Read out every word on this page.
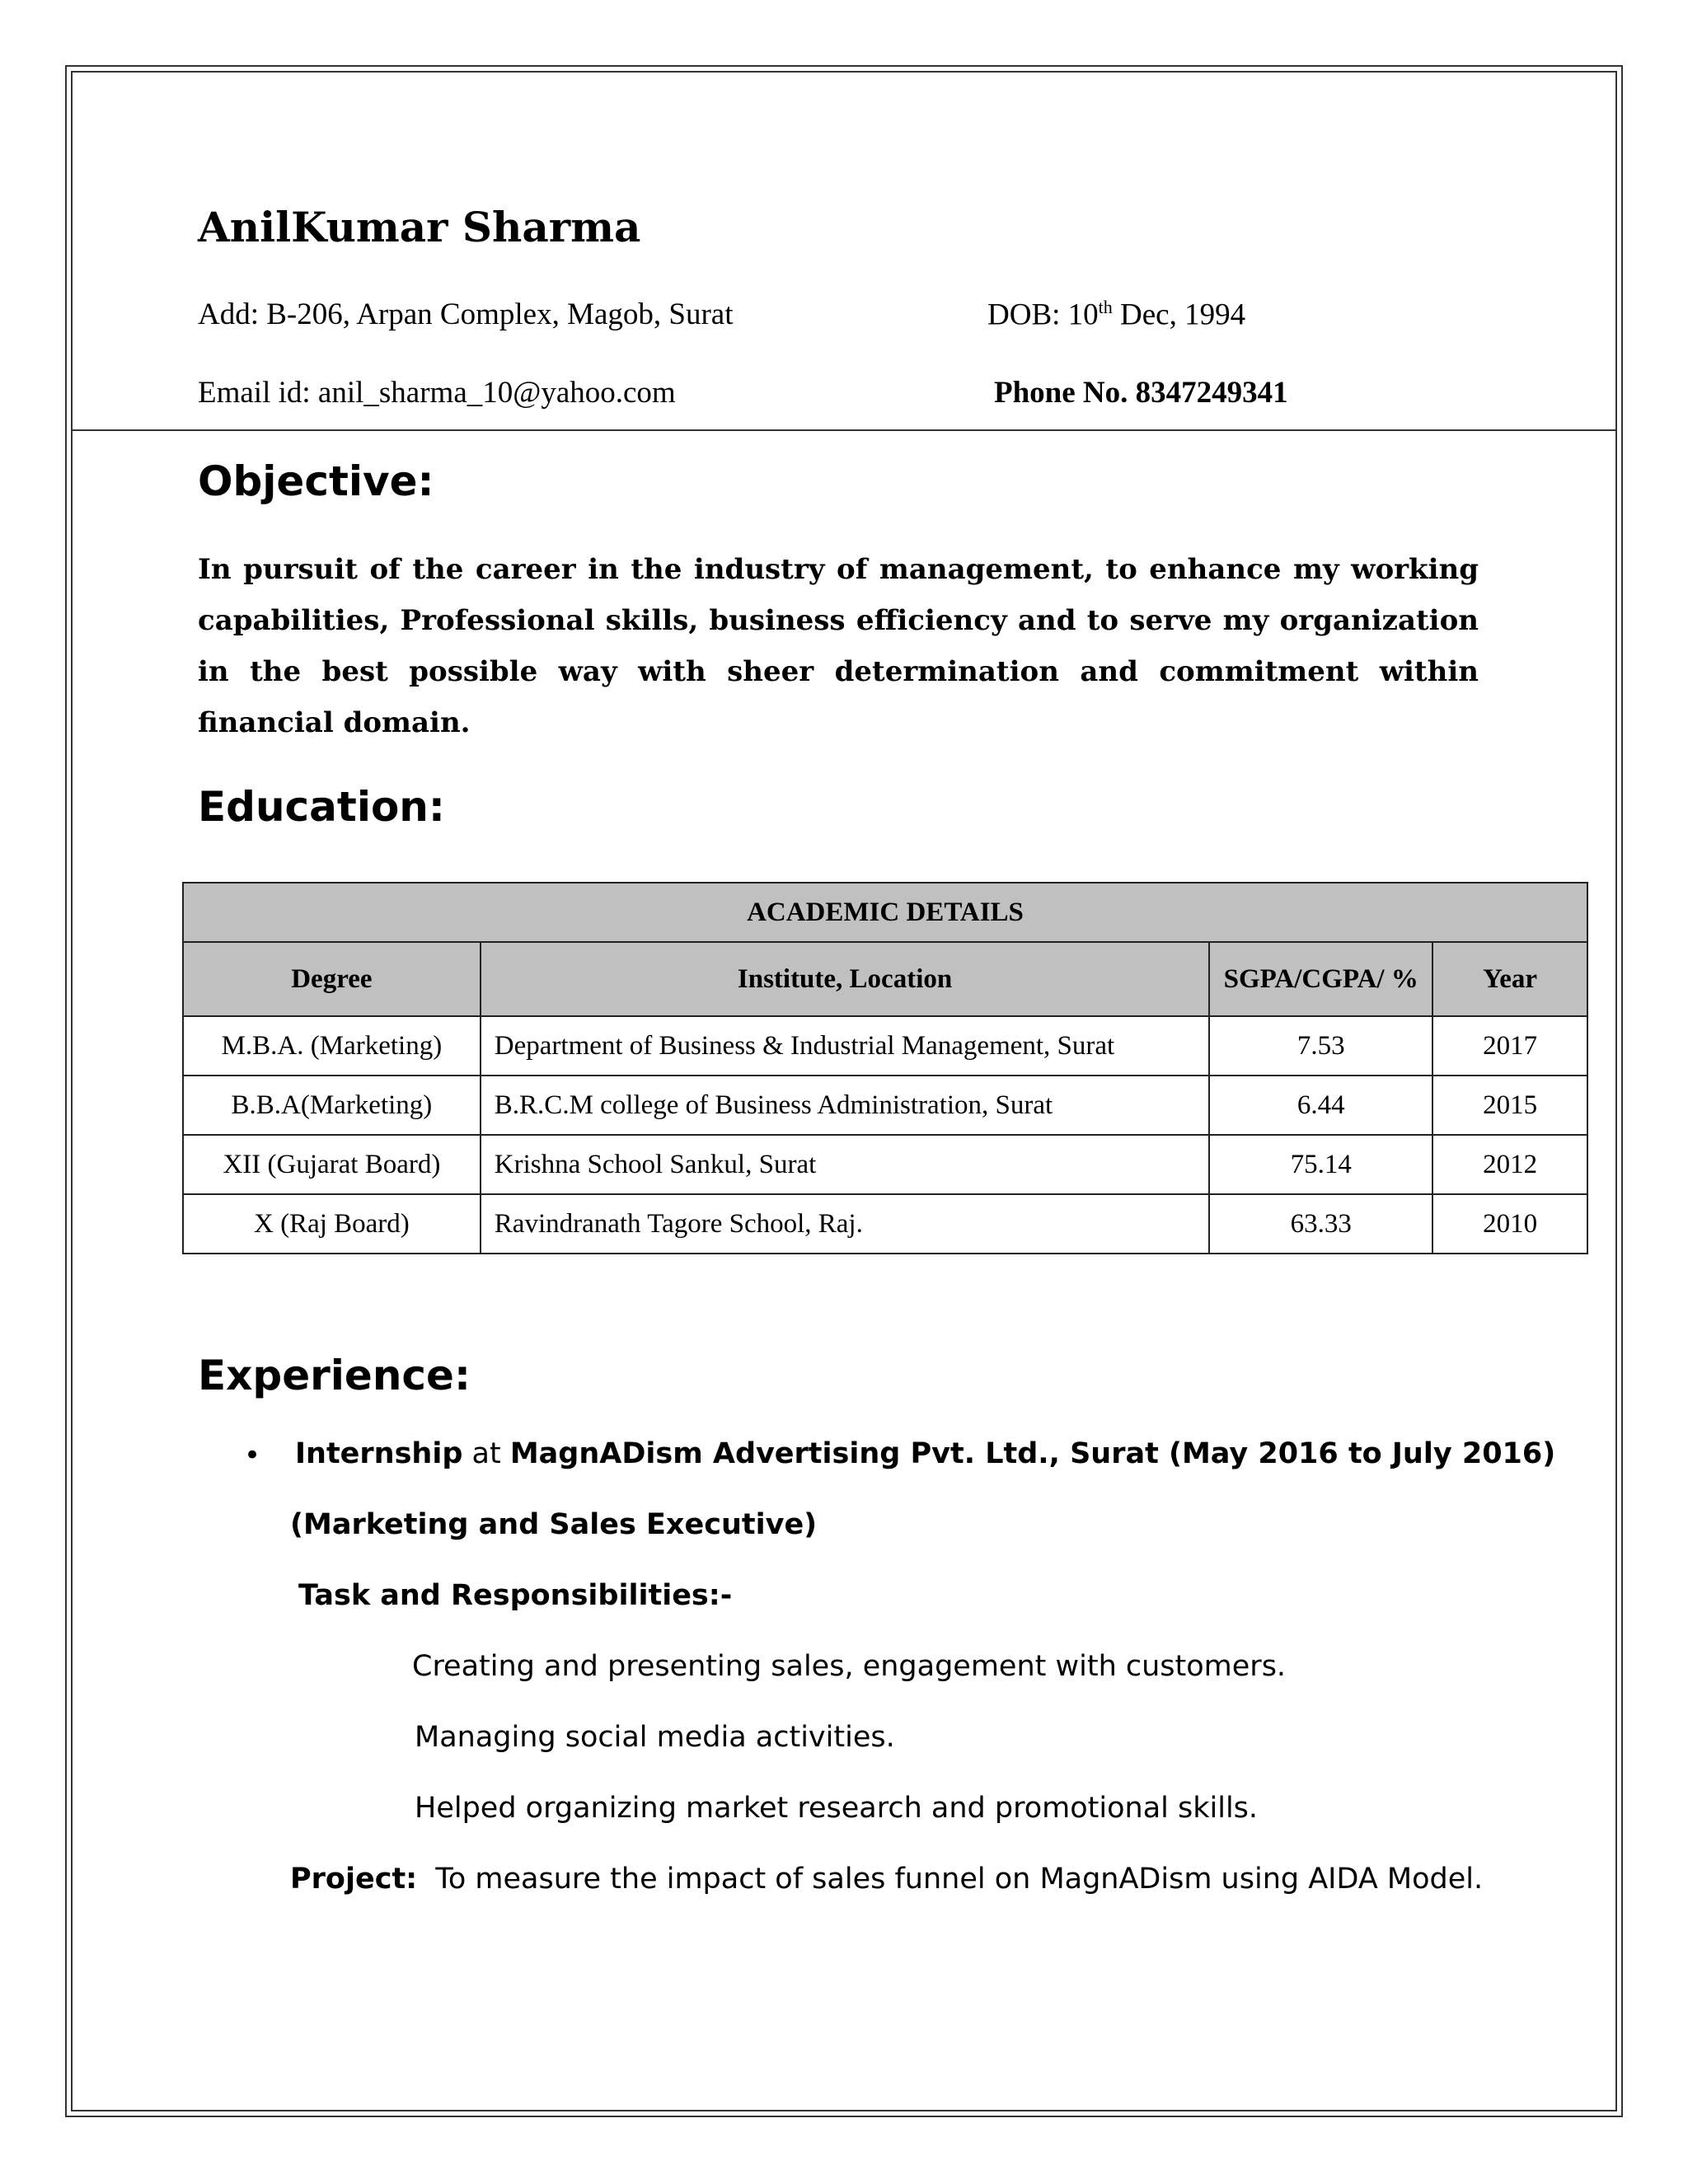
AnilKumar Sharma
Add: B-206, Arpan Complex, Magob, Surat	DOB: 10th Dec, 1994
Email id: anil_sharma_10@yahoo.com	Phone No. 8347249341
Objective:
In pursuit of the career in the industry of management, to enhance my working capabilities, Professional skills, business efficiency and to serve my organization in the best possible way with sheer determination and commitment within financial domain.
Education:
ACADEMIC DETAILS			
Degree	Institute, Location	SGPA/CGPA/ %	Year
M.B.A. (Marketing)	Department of Business & Industrial Management, Surat	7.53	2017
B.B.A(Marketing)	B.R.C.M college of Business Administration, Surat	6.44	2015
XII (Gujarat Board)	Krishna School Sankul, Surat	75.14	2012
X (Raj Board)	Ravindranath Tagore School, Raj.	63.33	2010
Experience:
• Internship at MagnADism Advertising Pvt. Ltd., Surat (May 2016 to July 2016)
(Marketing and Sales Executive)
Task and Responsibilities:-
Creating and presenting sales, engagement with customers.
Managing social media activities.
Helped organizing market research and promotional skills.
Project:  To measure the impact of sales funnel on MagnADism using AIDA Model.
